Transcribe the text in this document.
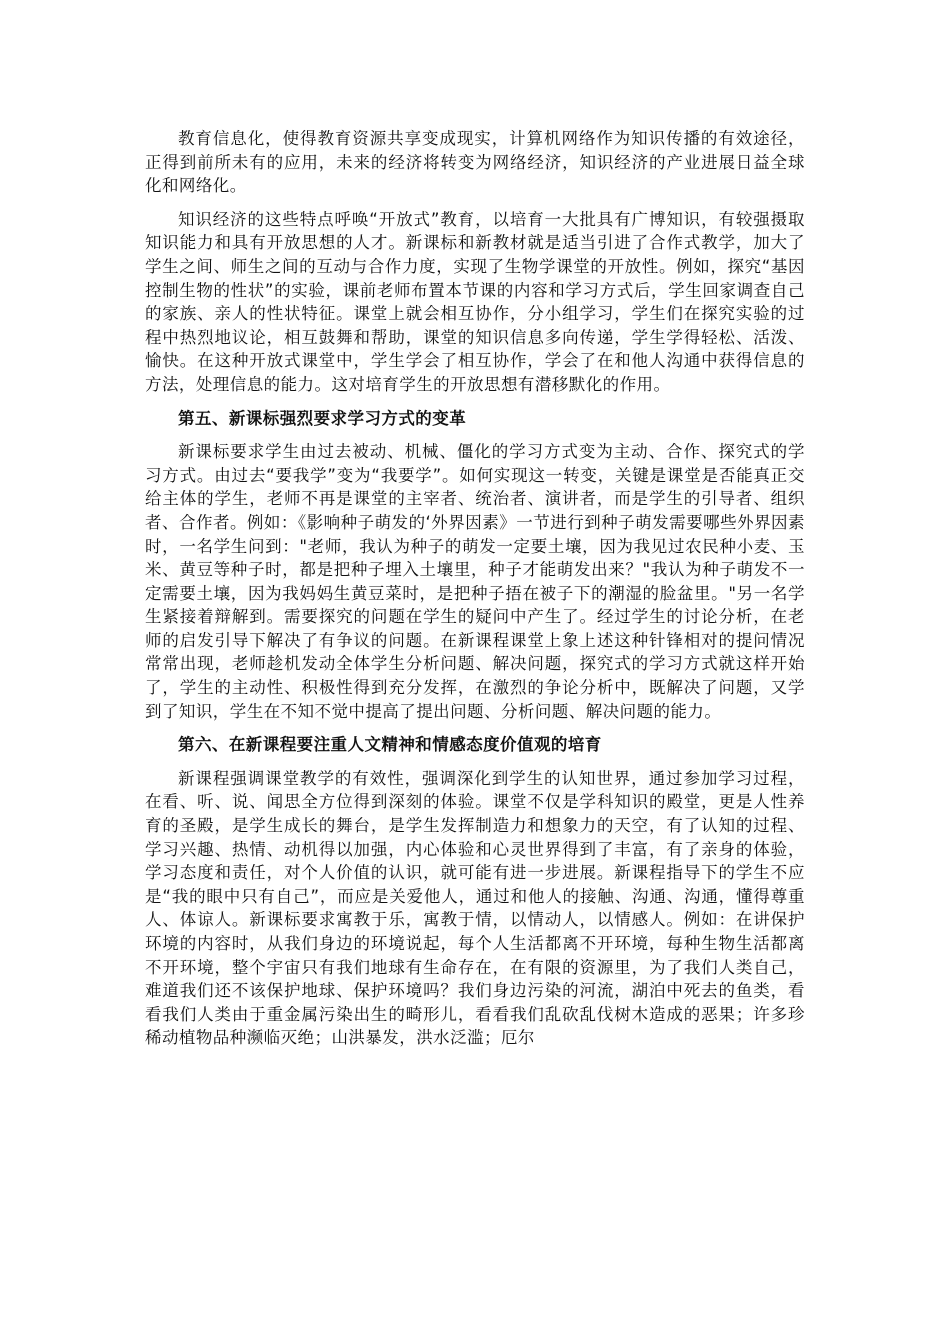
教育信息化，使得教育资源共享变成现实，计算机网络作为知识传播的有效途径，正得到前所未有的应用，未来的经济将转变为网络经济，知识经济的产业进展日益全球化和网络化。

知识经济的这些特点呼唤“开放式”教育，以培育一大批具有广博知识，有较强摄取知识能力和具有开放思想的人才。新课标和新教材就是适当引进了合作式教学，加大了学生之间、师生之间的互动与合作力度，实现了生物学课堂的开放性。例如，探究“基因控制生物的性状”的实验，课前老师布置本节课的内容和学习方式后，学生回家调查自己的家族、亲人的性状特征。课堂上就会相互协作，分小组学习，学生们在探究实验的过程中热烈地议论，相互鼓舞和帮助，课堂的知识信息多向传递，学生学得轻松、活泼、愉快。在这种开放式课堂中，学生学会了相互协作，学会了在和他人沟通中获得信息的方法，处理信息的能力。这对培育学生的开放思想有潜移默化的作用。

第五、新课标强烈要求学习方式的变革

新课标要求学生由过去被动、机械、僵化的学习方式变为主动、合作、探究式的学习方式。由过去“要我学”变为“我要学”。如何实现这一转变，关键是课堂是否能真正交给主体的学生，老师不再是课堂的主宰者、统治者、演讲者，而是学生的引导者、组织者、合作者。例如：《影响种子萌发的‘外界因素》一节进行到种子萌发需要哪些外界因素时，一名学生问到："老师，我认为种子的萌发一定要土壤，因为我见过农民种小麦、玉米、黄豆等种子时，都是把种子埋入土壤里，种子才能萌发出来？"我认为种子萌发不一定需要土壤，因为我妈妈生黄豆菜时，是把种子捂在被子下的潮湿的脸盆里。"另一名学生紧接着辩解到。需要探究的问题在学生的疑问中产生了。经过学生的讨论分析，在老师的启发引导下解决了有争议的问题。在新课程课堂上象上述这种针锋相对的提问情况常常出现，老师趁机发动全体学生分析问题、解决问题，探究式的学习方式就这样开始了，学生的主动性、积极性得到充分发挥，在激烈的争论分析中，既解决了问题，又学到了知识，学生在不知不觉中提高了提出问题、分析问题、解决问题的能力。

第六、在新课程要注重人文精神和情感态度价值观的培育

新课程强调课堂教学的有效性，强调深化到学生的认知世界，通过参加学习过程，在看、听、说、闻思全方位得到深刻的体验。课堂不仅是学科知识的殿堂，更是人性养育的圣殿，是学生成长的舞台，是学生发挥制造力和想象力的天空，有了认知的过程、学习兴趣、热情、动机得以加强，内心体验和心灵世界得到了丰富，有了亲身的体验，学习态度和责任，对个人价值的认识，就可能有进一步进展。新课程指导下的学生不应是“我的眼中只有自己”，而应是关爱他人，通过和他人的接触、沟通、沟通，懂得尊重人、体谅人。新课标要求寓教于乐，寓教于情，以情动人，以情感人。例如：在讲保护环境的内容时，从我们身边的环境说起，每个人生活都离不开环境，每种生物生活都离不开环境，整个宇宙只有我们地球有生命存在，在有限的资源里，为了我们人类自己，难道我们还不该保护地球、保护环境吗？我们身边污染的河流，湖泊中死去的鱼类，看看我们人类由于重金属污染出生的畸形儿，看看我们乱砍乱伐树木造成的恶果；许多珍稀动植物品种濒临灭绝；山洪暴发，洪水泛滥；厄尔
